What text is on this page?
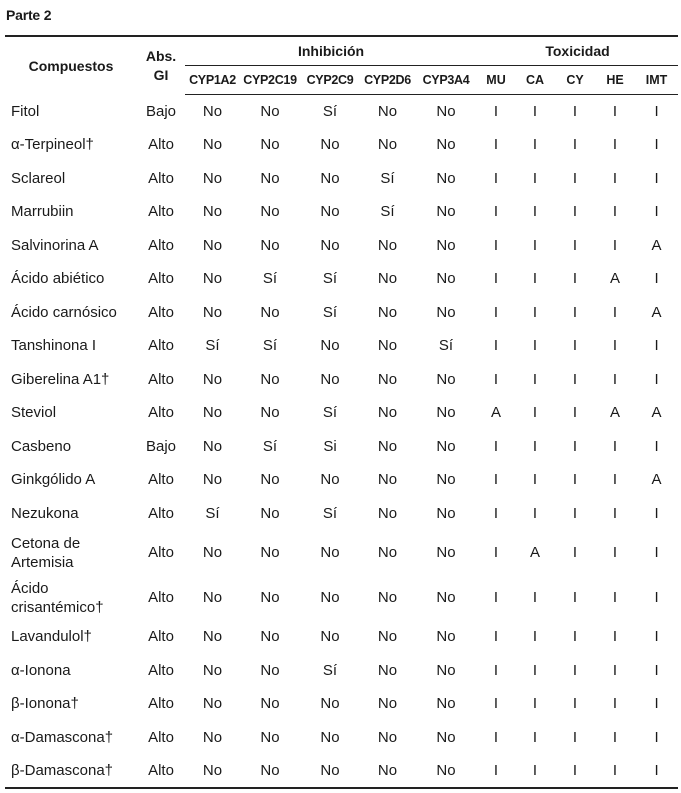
Parte 2
Compuestos	Abs. GI	Inhibición					Toxicidad				
		CYP1A2	CYP2C19	CYP2C9	CYP2D6	CYP3A4	MU	CA	CY	HE	IMT
Fitol	Bajo	No	No	Sí	No	No	I	I	I	I	I
α-Terpineol†	Alto	No	No	No	No	No	I	I	I	I	I
Sclareol	Alto	No	No	No	Sí	No	I	I	I	I	I
Marrubiin	Alto	No	No	No	Sí	No	I	I	I	I	I
Salvinorina A	Alto	No	No	No	No	No	I	I	I	I	A
Ácido abiético	Alto	No	Sí	Sí	No	No	I	I	I	A	I
Ácido carnósico	Alto	No	No	Sí	No	No	I	I	I	I	A
Tanshinona I	Alto	Sí	Sí	No	No	Sí	I	I	I	I	I
Giberelina A1†	Alto	No	No	No	No	No	I	I	I	I	I
Steviol	Alto	No	No	Sí	No	No	A	I	I	A	A
Casbeno	Bajo	No	Sí	Si	No	No	I	I	I	I	I
Ginkgólido A	Alto	No	No	No	No	No	I	I	I	I	A
Nezukona	Alto	Sí	No	Sí	No	No	I	I	I	I	I
Cetona de Artemisia	Alto	No	No	No	No	No	I	A	I	I	I
Ácido crisantémico†	Alto	No	No	No	No	No	I	I	I	I	I
Lavandulol†	Alto	No	No	No	No	No	I	I	I	I	I
α-Ionona	Alto	No	No	Sí	No	No	I	I	I	I	I
β-Ionona†	Alto	No	No	No	No	No	I	I	I	I	I
α-Damascona†	Alto	No	No	No	No	No	I	I	I	I	I
β-Damascona†	Alto	No	No	No	No	No	I	I	I	I	I
